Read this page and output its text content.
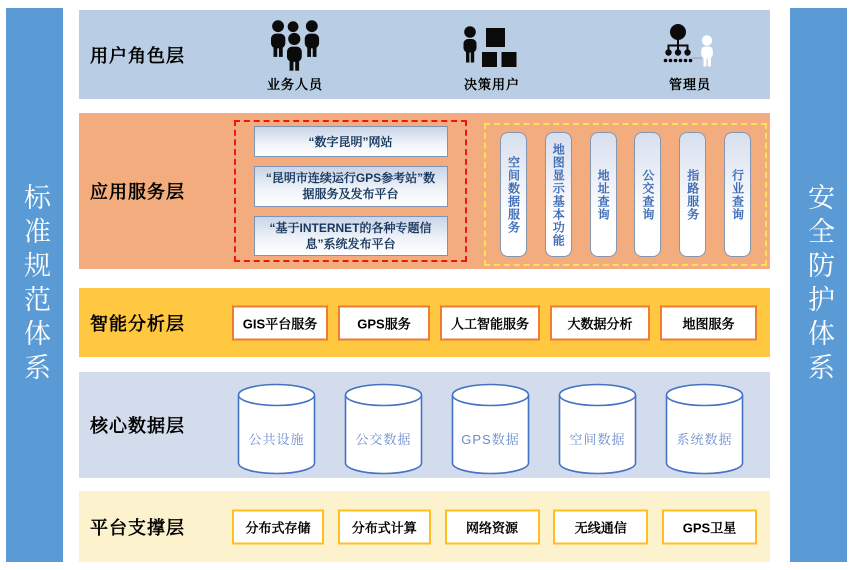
标准规范体系	安全防护体系
用户角色层
业务人员	决策用户	管理员
应用服务层
“数字昆明”网站
“昆明市连续运行GPS参考站”数据服务及发布平台
“基于INTERNET的各种专题信息”系统发布平台
空间数据服务	地图显示基本功能	地址查询	公交查询	指路服务	行业查询
智能分析层	GIS平台服务	GPS服务	人工智能服务	大数据分析	地图服务
核心数据层
公共设施	公交数据	GPS数据	空间数据	系统数据
平台支撑层	分布式存储	分布式计算	网络资源	无线通信	GPS卫星
